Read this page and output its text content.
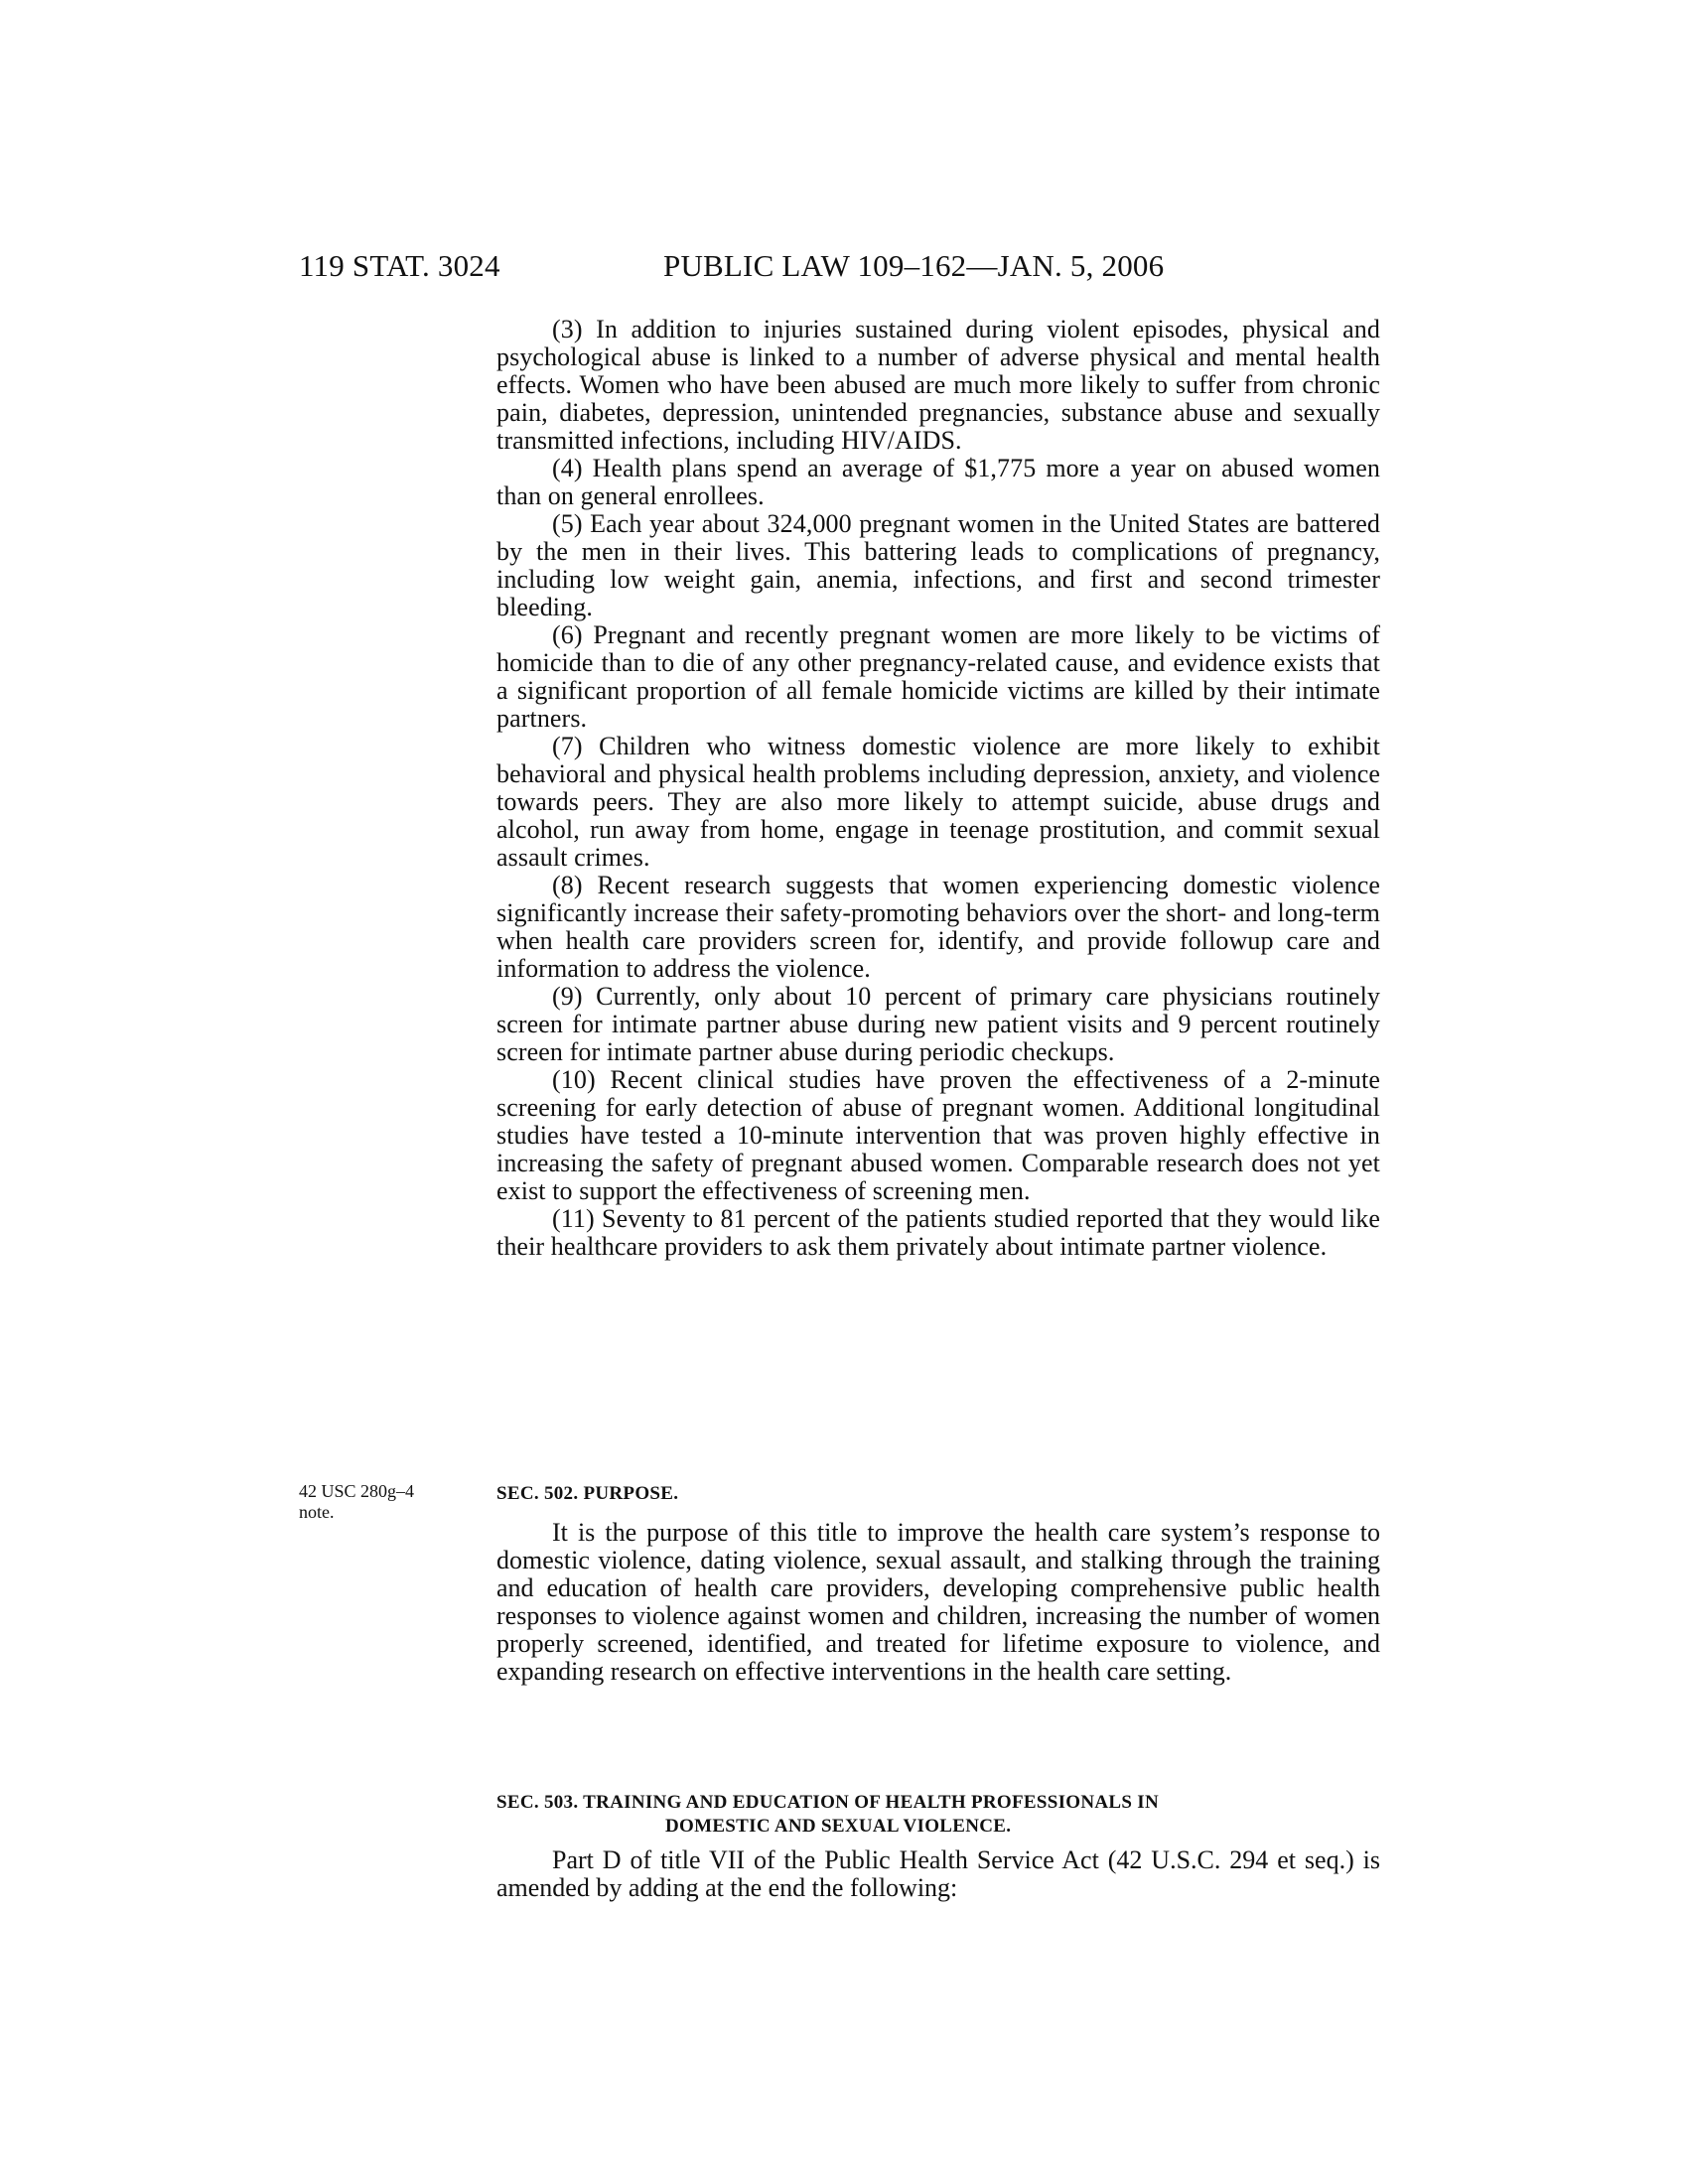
119 STAT. 3024	PUBLIC LAW 109–162—JAN. 5, 2006

(3) In addition to injuries sustained during violent episodes, physical and psychological abuse is linked to a number of adverse physical and mental health effects. Women who have been abused are much more likely to suffer from chronic pain, diabetes, depression, unintended pregnancies, substance abuse and sexually transmitted infections, including HIV/AIDS.

(4) Health plans spend an average of $1,775 more a year on abused women than on general enrollees.

(5) Each year about 324,000 pregnant women in the United States are battered by the men in their lives. This battering leads to complications of pregnancy, including low weight gain, anemia, infections, and first and second trimester bleeding.

(6) Pregnant and recently pregnant women are more likely to be victims of homicide than to die of any other pregnancy-related cause, and evidence exists that a significant proportion of all female homicide victims are killed by their intimate partners.

(7) Children who witness domestic violence are more likely to exhibit behavioral and physical health problems including depression, anxiety, and violence towards peers. They are also more likely to attempt suicide, abuse drugs and alcohol, run away from home, engage in teenage prostitution, and commit sexual assault crimes.

(8) Recent research suggests that women experiencing domestic violence significantly increase their safety-promoting behaviors over the short- and long-term when health care providers screen for, identify, and provide followup care and information to address the violence.

(9) Currently, only about 10 percent of primary care physicians routinely screen for intimate partner abuse during new patient visits and 9 percent routinely screen for intimate partner abuse during periodic checkups.

(10) Recent clinical studies have proven the effectiveness of a 2-minute screening for early detection of abuse of pregnant women. Additional longitudinal studies have tested a 10-minute intervention that was proven highly effective in increasing the safety of pregnant abused women. Comparable research does not yet exist to support the effectiveness of screening men.

(11) Seventy to 81 percent of the patients studied reported that they would like their healthcare providers to ask them privately about intimate partner violence.

42 USC 280g–4
note.
SEC. 502. PURPOSE.

It is the purpose of this title to improve the health care system’s response to domestic violence, dating violence, sexual assault, and stalking through the training and education of health care providers, developing comprehensive public health responses to violence against women and children, increasing the number of women properly screened, identified, and treated for lifetime exposure to violence, and expanding research on effective interventions in the health care setting.

SEC. 503. TRAINING AND EDUCATION OF HEALTH PROFESSIONALS IN
DOMESTIC AND SEXUAL VIOLENCE.

Part D of title VII of the Public Health Service Act (42 U.S.C. 294 et seq.) is amended by adding at the end the following:
